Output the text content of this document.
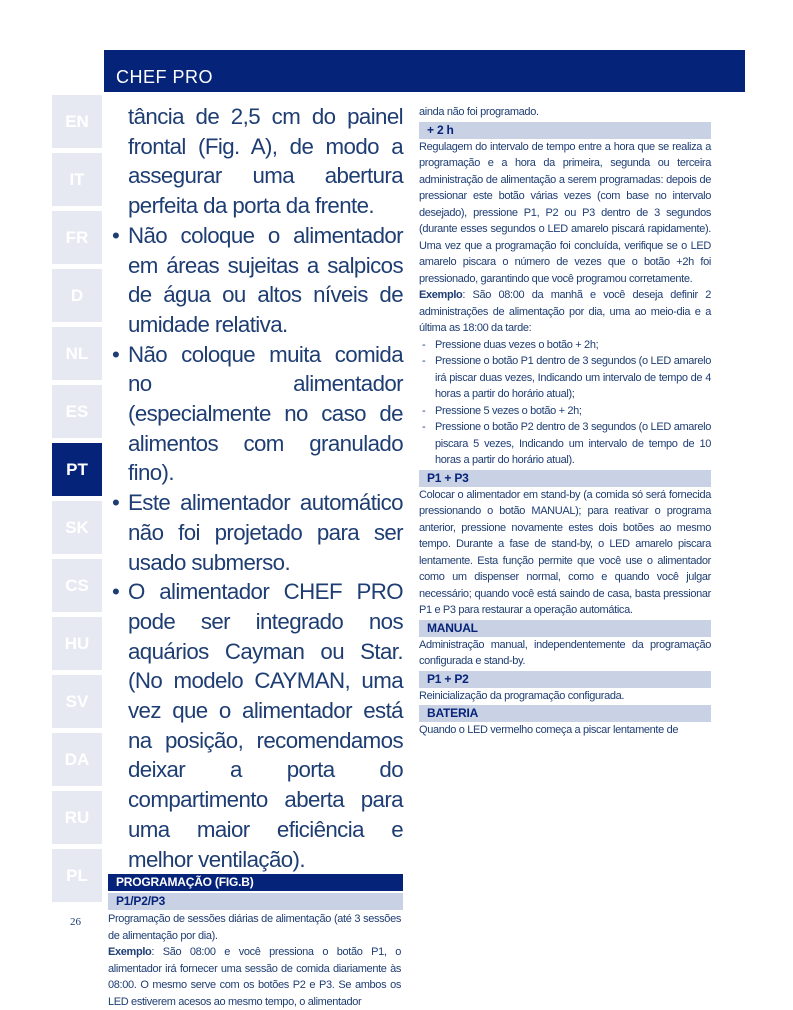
CHEF PRO
EN
IT
FR
D
NL
ES
PT
SK
CS
HU
SV
DA
RU
PL
26
tância de 2,5 cm do painel frontal (Fig. A), de modo a assegurar uma abertura perfeita da porta da frente.
• Não coloque o alimentador em áreas sujeitas a salpicos de água ou altos níveis de umidade relativa.
• Não coloque muita comida no alimentador (especialmente no caso de alimentos com granulado fino).
• Este alimentador automático não foi projetado para ser usado submerso.
• O alimentador CHEF PRO pode ser integrado nos aquários Cayman ou Star. (No modelo CAYMAN, uma vez que o alimentador está na posição, recomendamos deixar a porta do compartimento aberta para uma maior eficiência e melhor ventilação).
PROGRAMAÇÃO (FIG.B)
P1/P2/P3

Programação de sessões diárias de alimentação (até 3 sessões de alimentação por dia).

Exemplo: São 08:00 e você pressiona o botão P1, o alimentador irá fornecer uma sessão de comida diariamente às 08:00. O mesmo serve com os botões P2 e P3. Se ambos os LED estiverem acesos ao mesmo tempo, o alimentador

ainda não foi programado.
+ 2 h

Regulagem do intervalo de tempo entre a hora que se realiza a programação e a hora da primeira, segunda ou terceira administração de alimentação a serem programadas: depois de pressionar este botão várias vezes (com base no intervalo desejado), pressione P1, P2 ou P3 dentro de 3 segundos (durante esses segundos o LED amarelo piscará rapidamente). Uma vez que a programação foi concluída, verifique se o LED amarelo piscara o número de vezes que o botão +2h foi pressionado, garantindo que você programou corretamente.

Exemplo: São 08:00 da manhã e você deseja definir 2 administrações de alimentação por dia, uma ao meio-dia e a última as 18:00 da tarde:

- Pressione duas vezes o botão + 2h;
- Pressione o botão P1 dentro de 3 segundos (o LED amarelo irá piscar duas vezes, Indicando um intervalo de tempo de 4 horas a partir do horário atual);
- Pressione 5 vezes o botão + 2h;
- Pressione o botão P2 dentro de 3 segundos (o LED amarelo piscara 5 vezes, Indicando um intervalo de tempo de 10 horas a partir do horário atual).
P1 + P3
Colocar o alimentador em stand-by (a comida só será fornecida pressionando o botão MANUAL); para reativar o programa anterior, pressione novamente estes dois botões ao mesmo tempo. Durante a fase de stand-by, o LED amarelo piscara lentamente. Esta função permite que você use o alimentador como um dispenser normal, como e quando você julgar necessário; quando você está saindo de casa, basta pressionar P1 e P3 para restaurar a operação automática.
MANUAL
Administração manual, independentemente da programação configurada e stand-by.
P1 + P2
Reinicialização da programação configurada.
BATERIA
Quando o LED vermelho começa a piscar lentamente de
